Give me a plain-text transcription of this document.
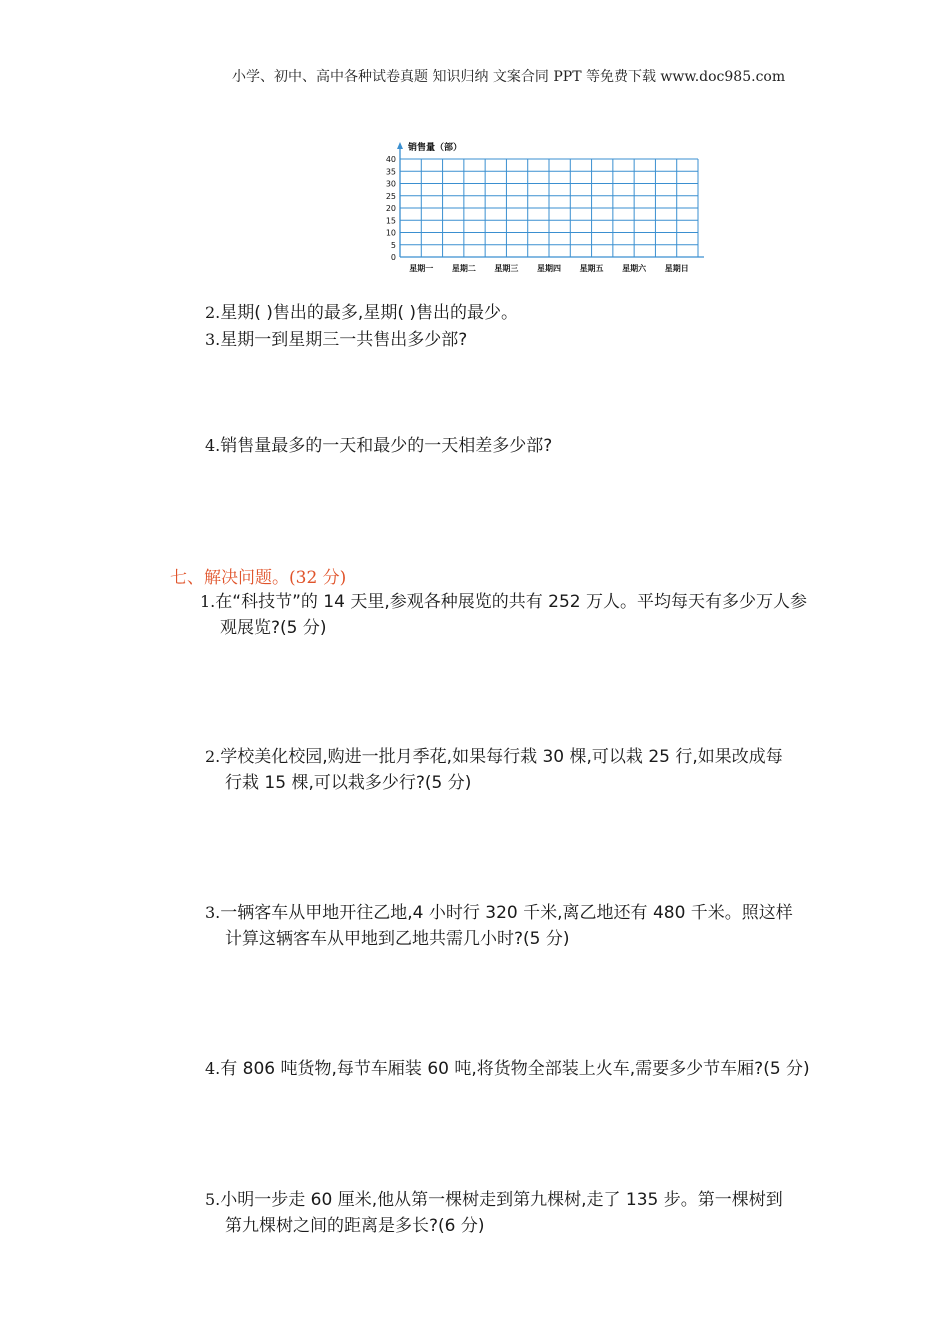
小学、初中、高中各种试卷真题 知识归纳 文案合同 PPT 等免费下载 www.doc985.com
0
5
10
15
20
25
30
35
40
星期一 星期二 星期三 星期四 星期五 星期六 星期日
销售量（部）
2.星期( )售出的最多,星期( )售出的最少。
3.星期一到星期三一共售出多少部?
4.销售量最多的一天和最少的一天相差多少部?
七、解决问题。(32 分)
1.在“科技节”的 14 天里,参观各种展览的共有 252 万人。平均每天有多少万人参
观展览?(5 分)
2.学校美化校园,购进一批月季花,如果每行栽 30 棵,可以栽 25 行,如果改成每
行栽 15 棵,可以栽多少行?(5 分)
3.一辆客车从甲地开往乙地,4 小时行 320 千米,离乙地还有 480 千米。照这样
计算这辆客车从甲地到乙地共需几小时?(5 分)
4.有 806 吨货物,每节车厢装 60 吨,将货物全部装上火车,需要多少节车厢?(5 分)
5.小明一步走 60 厘米,他从第一棵树走到第九棵树,走了 135 步。第一棵树到
第九棵树之间的距离是多长?(6 分)
